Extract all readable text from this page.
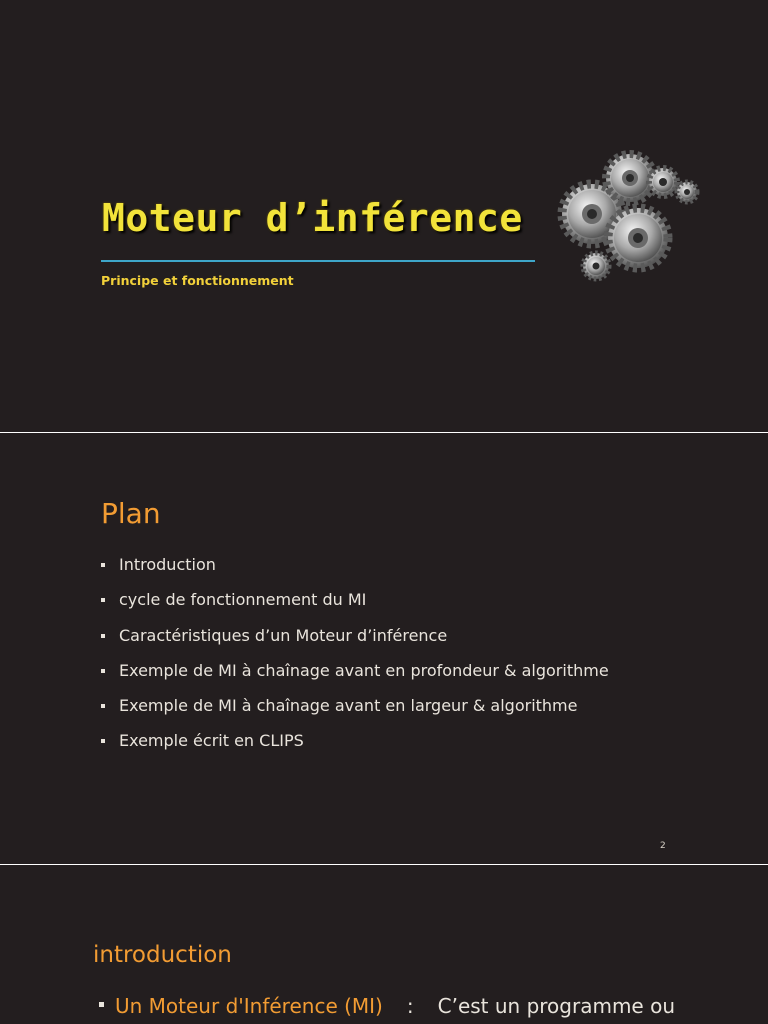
Moteur d’inférence
Principe et fonctionnement
Plan
Introduction
cycle de fonctionnement du MI
Caractéristiques d’un Moteur d’inférence
Exemple de MI à chaînage avant en profondeur & algorithme
Exemple de MI à chaînage avant en largeur & algorithme
Exemple écrit en CLIPS
2
introduction
Un Moteur d'Inférence (MI) : C’est un programme ou
